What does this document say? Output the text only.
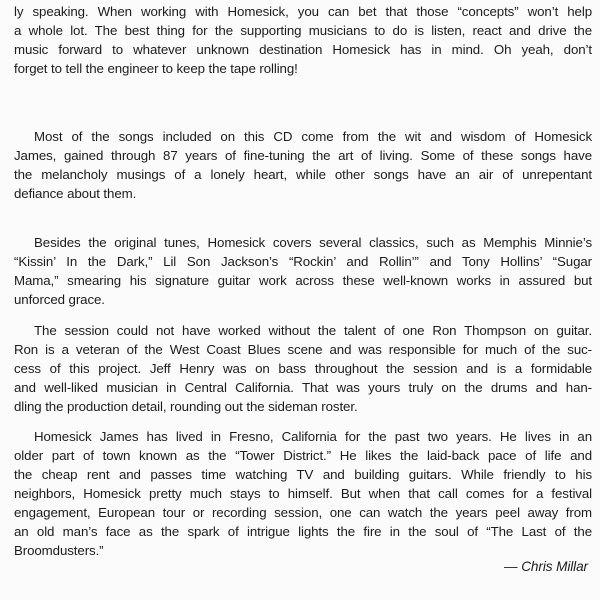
ly speaking. When working with Homesick, you can bet that those “concepts” won’t help
a whole lot. The best thing for the supporting musicians to do is listen, react and drive the
music forward to whatever unknown destination Homesick has in mind. Oh yeah, don’t
forget to tell the engineer to keep the tape rolling!

Most of the songs included on this CD come from the wit and wisdom of Homesick
James, gained through 87 years of fine-tuning the art of living. Some of these songs have
the melancholy musings of a lonely heart, while other songs have an air of unrepentant
defiance about them.

Besides the original tunes, Homesick covers several classics, such as Memphis Minnie’s
“Kissin’ In the Dark,” Lil Son Jackson’s “Rockin’ and Rollin’” and Tony Hollins’ “Sugar
Mama,” smearing his signature guitar work across these well-known works in assured but
unforced grace.

The session could not have worked without the talent of one Ron Thompson on guitar.
Ron is a veteran of the West Coast Blues scene and was responsible for much of the suc-
cess of this project. Jeff Henry was on bass throughout the session and is a formidable
and well-liked musician in Central California. That was yours truly on the drums and han-
dling the production detail, rounding out the sideman roster.

Homesick James has lived in Fresno, California for the past two years. He lives in an
older part of town known as the “Tower District.” He likes the laid-back pace of life and
the cheap rent and passes time watching TV and building guitars. While friendly to his
neighbors, Homesick pretty much stays to himself. But when that call comes for a festival
engagement, European tour or recording session, one can watch the years peel away from
an old man’s face as the spark of intrigue lights the fire in the soul of “The Last of the
Broomdusters.”

— Chris Millar
